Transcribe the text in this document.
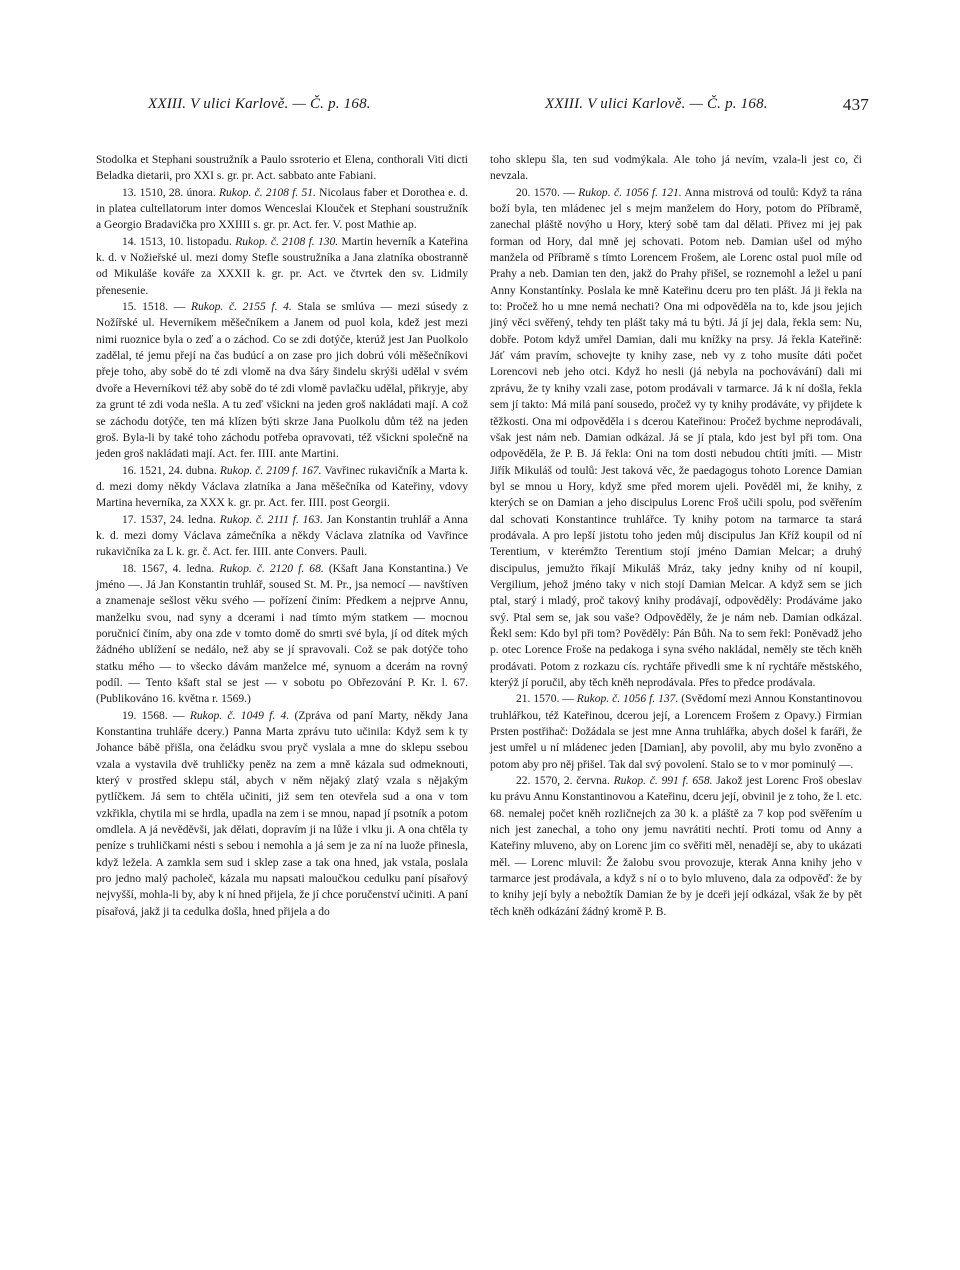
XXIII. V ulici Karlově. — Č. p. 168.	XXIII. V ulici Karlově. — Č. p. 168.	437

Stodolka et Stephani soustružník a Paulo ssroterio et Elena, conthorali Viti dicti Beladka dietarii, pro XXI s. gr. pr. Act. sabbato ante Fabiani.

13. 1510, 28. února. Rukop. č. 2108 f. 51. Nicolaus faber et Dorothea e. d. in platea cultellatorum inter domos Wenceslai Klouček et Stephani soustružník a Georgio Bradavička pro XXIIII s. gr. pr. Act. fer. V. post Mathie ap.

14. 1513, 10. listopadu. Rukop. č. 2108 f. 130. Martin heverník a Kateřina k. d. v Nožieřské ul. mezi domy Stefle soustružníka a Jana zlatníka obostranně od Mikuláše kováře za XXXII k. gr. pr. Act. ve čtvrtek den sv. Lidmily přenesenie.

15. 1518. — Rukop. č. 2155 f. 4. Stala se smlúva — mezi súsedy z Nožířské ul. Heverníkem měšečníkem a Janem od puol kola, kdež jest mezi nimi ruoznice byla o zeď a o záchod. Co se zdi dotýče, kterúž jest Jan Puolkolo zadělal, té jemu přejí na čas budúcí a on zase pro jich dobrú vóli měšečníkovi přeje toho, aby sobě do té zdi vlomě na dva šáry šindelu skrýši udělal v svém dvoře a Heverníkovi též aby sobě do té zdi vlomě pavlačku udělal, přikryje, aby za grunt té zdi voda nešla. A tu zeď všickni na jeden groš nakládati mají. A což se záchodu dotýče, ten má klízen býti skrze Jana Puolkolu dům též na jeden groš. Byla-li by také toho záchodu potřeba opravovati, též všickni společně na jeden groš nakládati mají. Act. fer. IIII. ante Martini.

16. 1521, 24. dubna. Rukop. č. 2109 f. 167. Vavřinec rukavičník a Marta k. d. mezi domy někdy Václava zlatníka a Jana měšečníka od Kateřiny, vdovy Martina heverníka, za XXX k. gr. pr. Act. fer. IIII. post Georgii.

17. 1537, 24. ledna. Rukop. č. 2111 f. 163. Jan Konstantin truhlář a Anna k. d. mezi domy Václava zámečníka a někdy Václava zlatníka od Vavřince rukavičníka za L k. gr. č. Act. fer. IIII. ante Convers. Pauli.

18. 1567, 4. ledna. Rukop. č. 2120 f. 68. (Kšaft Jana Konstantina.) Ve jméno —. Já Jan Konstantin truhlář, soused St. M. Pr., jsa nemocí — navštíven a znamenaje sešlost věku svého — pořízení činím: Předkem a nejprve Annu, manželku svou, nad syny a dcerami i nad tímto mým statkem — mocnou poručnicí činím, aby ona zde v tomto domě do smrti své byla, jí od dítek mých žádného ublížení se nedálo, než aby se jí spravovali. Což se pak dotýče toho statku mého — to všecko dávám manželce mé, synuom a dcerám na rovný podíl. — Tento kšaft stal se jest — v sobotu po Obřezování P. Kr. l. 67. (Publikováno 16. května r. 1569.)

19. 1568. — Rukop. č. 1049 f. 4. (Zpráva od paní Marty, někdy Jana Konstantina truhláře dcery.) Panna Marta zprávu tuto učinila: Když sem k ty Johance bábě přišla, ona čeládku svou pryč vyslala a mne do sklepu ssebou vzala a vystavila dvě truhličky peněz na zem a mně kázala sud odmeknouti, který v prostřed sklepu stál, abych v něm nějaký zlatý vzala s nějakým pytlíčkem. Já sem to chtěla učiniti, již sem ten otevřela sud a ona v tom vzkřikla, chytila mi se hrdla, upadla na zem i se mnou, napad jí psotník a potom omdlela. A já nevěděvši, jak dělati, dopravím ji na lůže i vlku ji. A ona chtěla ty peníze s truhličkami nésti s sebou i nemohla a já sem je za ní na luože přinesla, když ležela. A zamkla sem sud i sklep zase a tak ona hned, jak vstala, poslala pro jedno malý pacholeč, kázala mu napsati maloučkou cedulku paní písařový nejvyšší, mohla-li by, aby k ní hned přijela, že jí chce poručenství učiniti. A paní písařová, jakž ji ta cedulka došla, hned přijela a do

toho sklepu šla, ten sud vodmýkala. Ale toho já nevím, vzala-li jest co, či nevzala.

20. 1570. — Rukop. č. 1056 f. 121. Anna mistrová od toulů: Když ta rána boží byla, ten mládenec jel s mejm manželem do Hory, potom do Příbramě, zanechal pláště novýho u Hory, který sobě tam dal dělati. Přivez mi jej pak forman od Hory, dal mně jej schovati. Potom neb. Damian ušel od mýho manžela od Příbramě s tímto Lorencem Frošem, ale Lorenc ostal puol míle od Prahy a neb. Damian ten den, jakž do Prahy přišel, se roznemohl a ležel u paní Anny Konstantínky. Poslala ke mně Kateřinu dceru pro ten plášt. Já ji řekla na to: Pročež ho u mne nemá nechati? Ona mi odpověděla na to, kde jsou jejich jiný věci svěřený, tehdy ten plášt taky má tu býti. Já jí jej dala, řekla sem: Nu, dobře. Potom když umřel Damian, dali mu knížky na prsy. Já řekla Kateřině: Jáť vám pravím, schovejte ty knihy zase, neb vy z toho musíte dáti počet Lorencovi neb jeho otci. Když ho nesli (já nebyla na pochovávání) dali mi zprávu, že ty knihy vzali zase, potom prodávali v tarmarce. Já k ní došla, řekla sem jí takto: Má milá paní sousedo, pročež vy ty knihy prodáváte, vy přijdete k těžkosti. Ona mi odpověděla i s dcerou Kateřinou: Pročež bychme neprodávali, však jest nám neb. Damian odkázal. Já se jí ptala, kdo jest byl při tom. Ona odpověděla, že P. B. Já řekla: Oni na tom dosti nebudou chtíti jmíti. — Mistr Jiřík Mikuláš od toulů: Jest taková věc, že paedagogus tohoto Lorence Damian byl se mnou u Hory, když sme před morem ujeli. Pověděl mi, že knihy, z kterých se on Damian a jeho discipulus Lorenc Froš učili spolu, pod svěřením dal schovati Konstantince truhlářce. Ty knihy potom na tarmarce ta stará prodávala. A pro lepší jistotu toho jeden můj discipulus Jan Kříž koupil od ní Terentium, v kterémžto Terentium stojí jméno Damian Melcar; a druhý discipulus, jemužto říkají Mikuláš Mráz, taky jedny knihy od ní koupil, Vergilium, jehož jméno taky v nich stojí Damian Melcar. A když sem se jich ptal, starý i mladý, proč takový knihy prodávají, odpověděly: Prodáváme jako svý. Ptal sem se, jak sou vaše? Odpověděly, že je nám neb. Damian odkázal. Řekl sem: Kdo byl při tom? Pověděly: Pán Bůh. Na to sem řekl: Poněvadž jeho p. otec Lorence Froše na pedakoga i syna svého nakládal, neměly ste těch kněh prodávati. Potom z rozkazu cís. rychtáře přivedli sme k ní rychtáře městského, kterýž jí poručil, aby těch kněh neprodávala. Přes to předce prodávala.

21. 1570. — Rukop. č. 1056 f. 137. (Svědomí mezi Annou Konstantinovou truhlářkou, též Kateřinou, dcerou její, a Lorencem Frošem z Opavy.) Firmian Prsten postřihač: Dožádala se jest mne Anna truhlářka, abych došel k faráři, že jest umřel u ní mládenec jeden [Damian], aby povolil, aby mu bylo zvoněno a potom aby pro něj přišel. Tak dal svý povolení. Stalo se to v mor pominulý —.

22. 1570, 2. června. Rukop. č. 991 f. 658. Jakož jest Lorenc Froš obeslav ku právu Annu Konstantinovou a Kateřinu, dceru její, obvinil je z toho, že l. etc. 68. nemalej počet kněh rozličnejch za 30 k. a pláště za 7 kop pod svěřením u nich jest zanechal, a toho ony jemu navrátiti nechtí. Proti tomu od Anny a Kateřiny mluveno, aby on Lorenc jim co svěřiti měl, nenadějí se, aby to ukázati měl. — Lorenc mluvil: Že žalobu svou provozuje, kterak Anna knihy jeho v tarmarce jest prodávala, a když s ní o to bylo mluveno, dala za odpověď: že by to knihy její byly a nebožtík Damian že by je dceři její odkázal, však že by pět těch kněh odkázání žádný kromě P. B.
